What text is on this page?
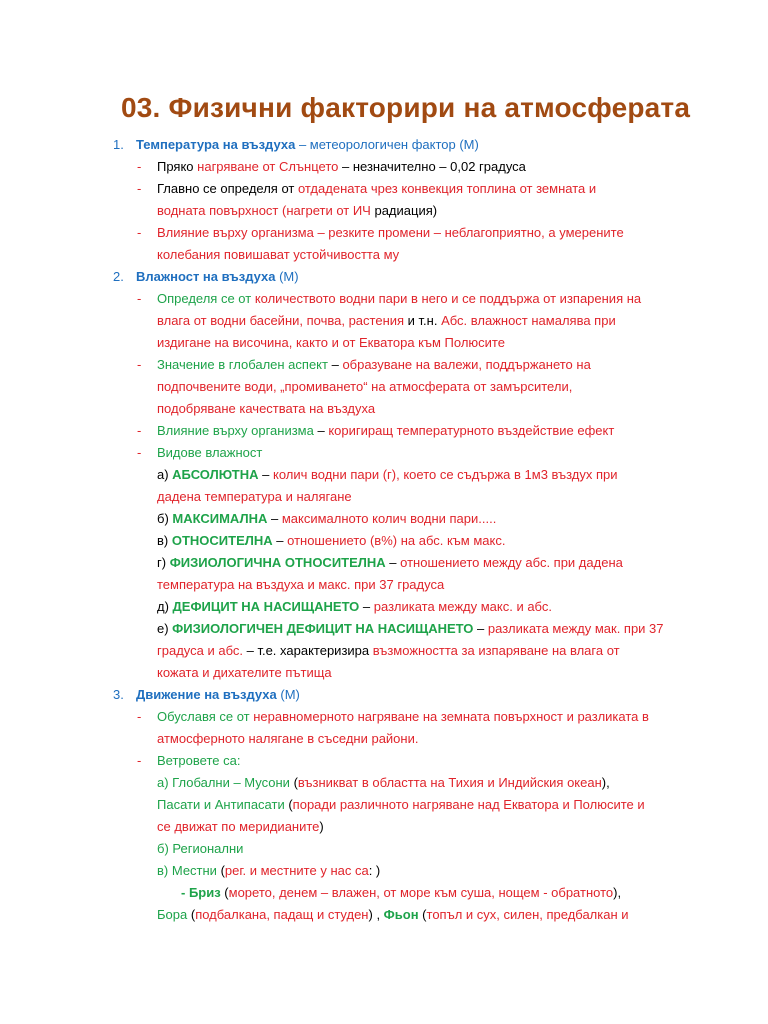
03. Физични факторири на атмосферата
1. Температура на въздуха – метеорологичен фактор (М)
- Пряко нагряване от Слънцето – незначително – 0,02 градуса
- Главно се определя от отдадената чрез конвекция топлина от земната и
водната повърхност (нагрети от ИЧ радиация)
- Влияние върху организма – резките промени – неблагоприятно, а умерените
колебания повишават устойчивостта му
2. Влажност на въздуха (М)
- Определя се от количеството водни пари в него и се поддържа от изпарения на
влага от водни басейни, почва, растения и т.н. Абс. влажност намалява при
издигане на височина, както и от Екватора към Полюсите
- Значение в глобален аспект – образуване на валежи, поддържането на
подпочвените води, „промиването“ на атмосферата от замърсители,
подобряване качествата на въздуха
- Влияние върху организма – коригиращ температурното въздействие ефект
- Видове влажност
а) АБСОЛЮТНА – колич водни пари (г), което се съдържа в 1м3 въздух при
дадена температура и налягане
б) МАКСИМАЛНА – максималното колич водни пари.....
в) ОТНОСИТЕЛНА – отношението (в%) на абс. към макс.
г) ФИЗИОЛОГИЧНА ОТНОСИТЕЛНА – отношението между абс. при дадена
температура на въздуха и макс. при 37 градуса
д) ДЕФИЦИТ НА НАСИЩАНЕТО – разликата между макс. и абс.
е) ФИЗИОЛОГИЧЕН ДЕФИЦИТ НА НАСИЩАНЕТО – разликата между мак. при 37
градуса и абс. – т.е. характеризира възможността за изпаряване на влага от
кожата и дихателите пътища
3. Движение на въздуха (М)
- Обуславя се от неравномерното нагряване на земната повърхност и разликата в
атмосферното налягане в съседни райони.
- Ветровете са:
а) Глобални – Мусони (възникват в областта на Тихия и Индийския океан),
Пасати и Антипасати (поради различното нагряване над Екватора и Полюсите и
се движат по меридианите)
б) Регионални
в) Местни (рег. и местните у нас са: )
- Бриз (морето, денем – влажен, от море към суша, нощем - обратното),
Бора (подбалкана, падащ и студен) , Фьон (топъл и сух, силен, предбалкан и
